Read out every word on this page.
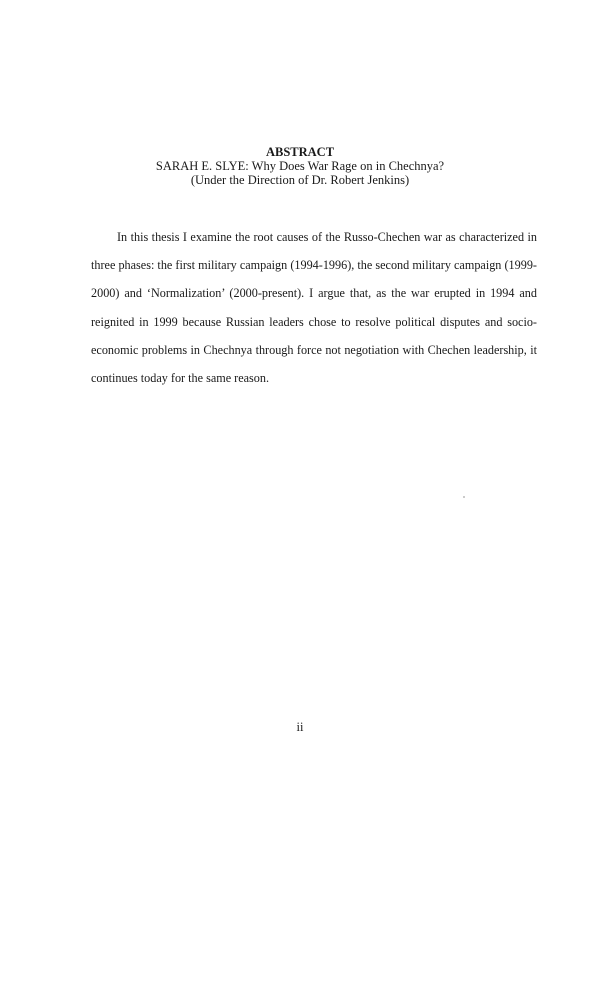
ABSTRACT
SARAH E. SLYE: Why Does War Rage on in Chechnya?
(Under the Direction of Dr. Robert Jenkins)
In this thesis I examine the root causes of the Russo-Chechen war as characterized in
three phases: the first military campaign (1994-1996), the second military campaign (1999-
2000) and ‘Normalization’ (2000-present). I argue that, as the war erupted in 1994 and
reignited in 1999 because Russian leaders chose to resolve political disputes and socio-
economic problems in Chechnya through force not negotiation with Chechen leadership, it
continues today for the same reason.
ii
